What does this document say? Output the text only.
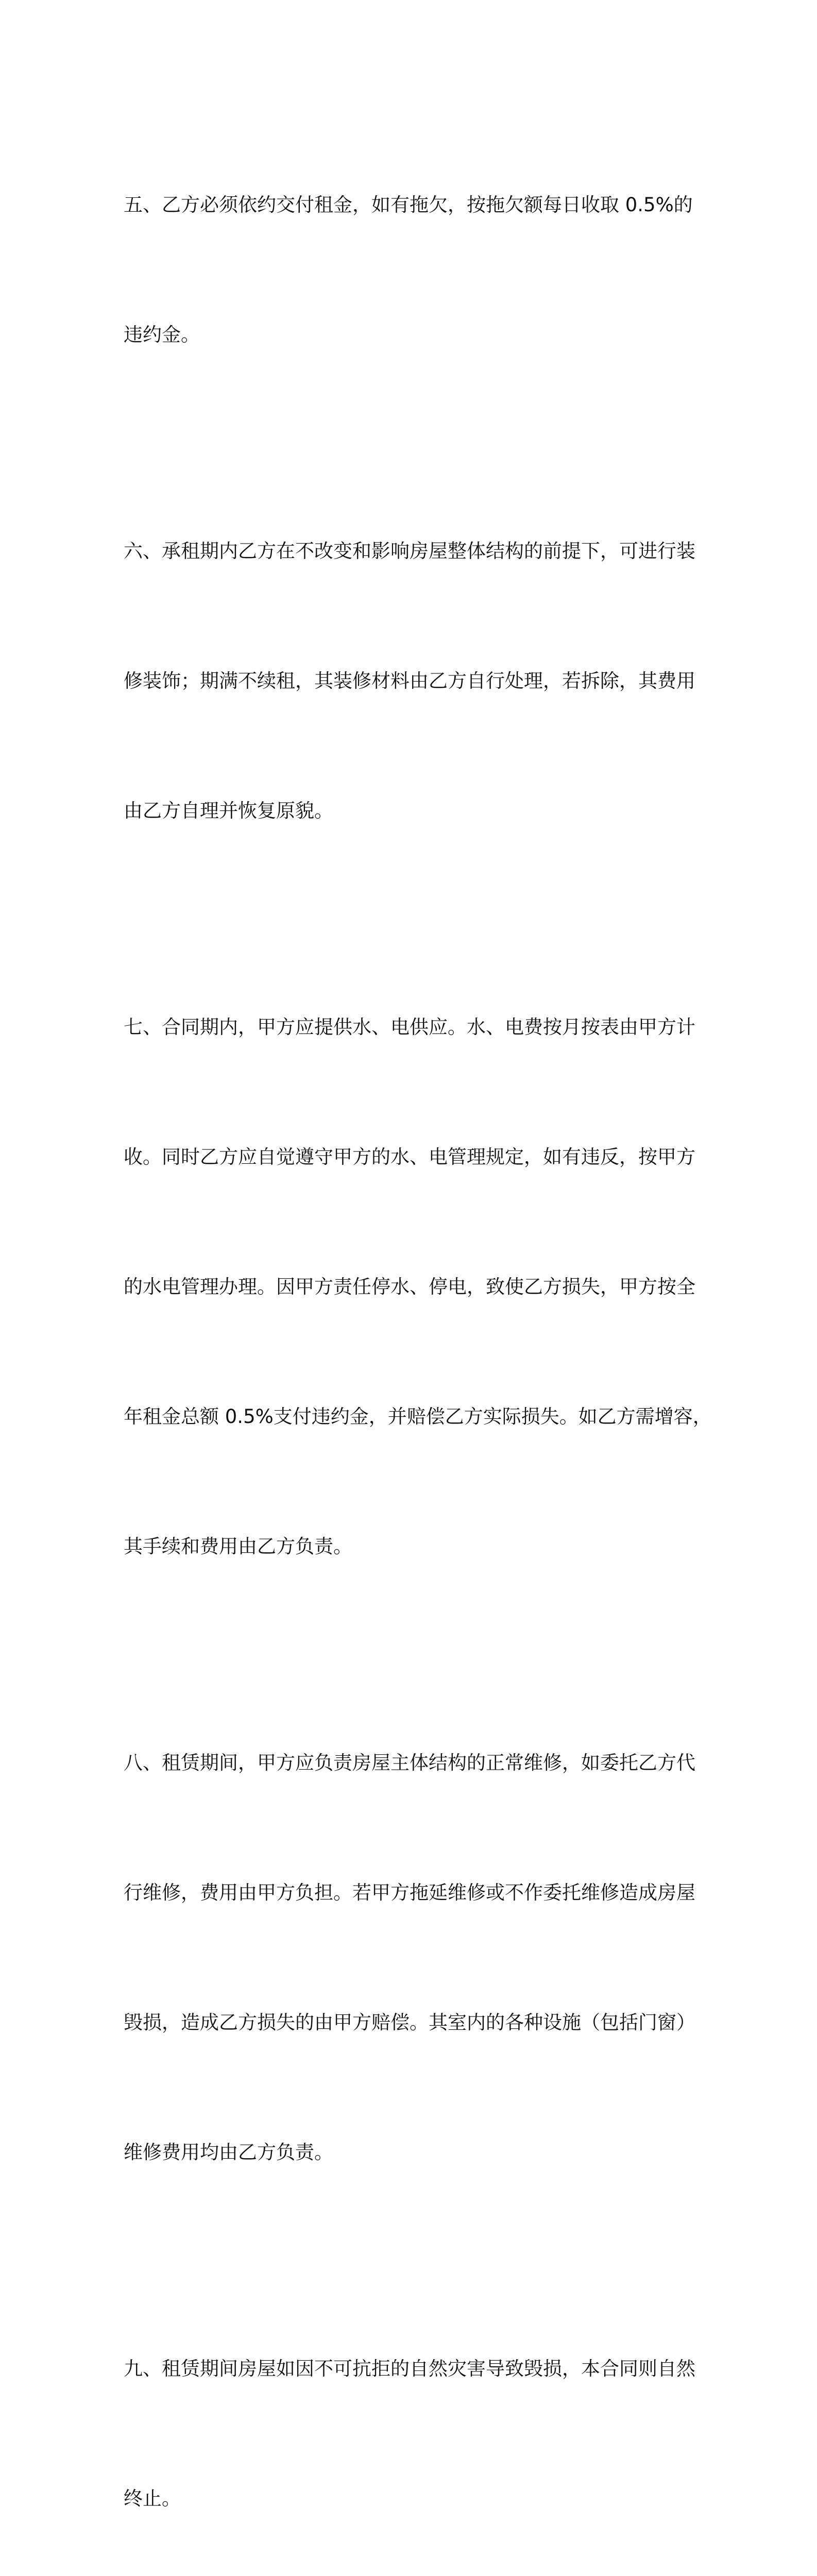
五、乙方必须依约交付租金，如有拖欠，按拖欠额每日收取 0.5%的

违约金。

六、承租期内乙方在不改变和影响房屋整体结构的前提下，可进行装

修装饰；期满不续租，其装修材料由乙方自行处理，若拆除，其费用

由乙方自理并恢复原貌。

七、合同期内，甲方应提供水、电供应。水、电费按月按表由甲方计

收。同时乙方应自觉遵守甲方的水、电管理规定，如有违反，按甲方

的水电管理办理。因甲方责任停水、停电，致使乙方损失，甲方按全

年租金总额 0.5%支付违约金，并赔偿乙方实际损失。如乙方需增容，

其手续和费用由乙方负责。

八、租赁期间，甲方应负责房屋主体结构的正常维修，如委托乙方代

行维修，费用由甲方负担。若甲方拖延维修或不作委托维修造成房屋

毁损，造成乙方损失的由甲方赔偿。其室内的各种设施（包括门窗）

维修费用均由乙方负责。

九、租赁期间房屋如因不可抗拒的自然灾害导致毁损，本合同则自然

终止。
